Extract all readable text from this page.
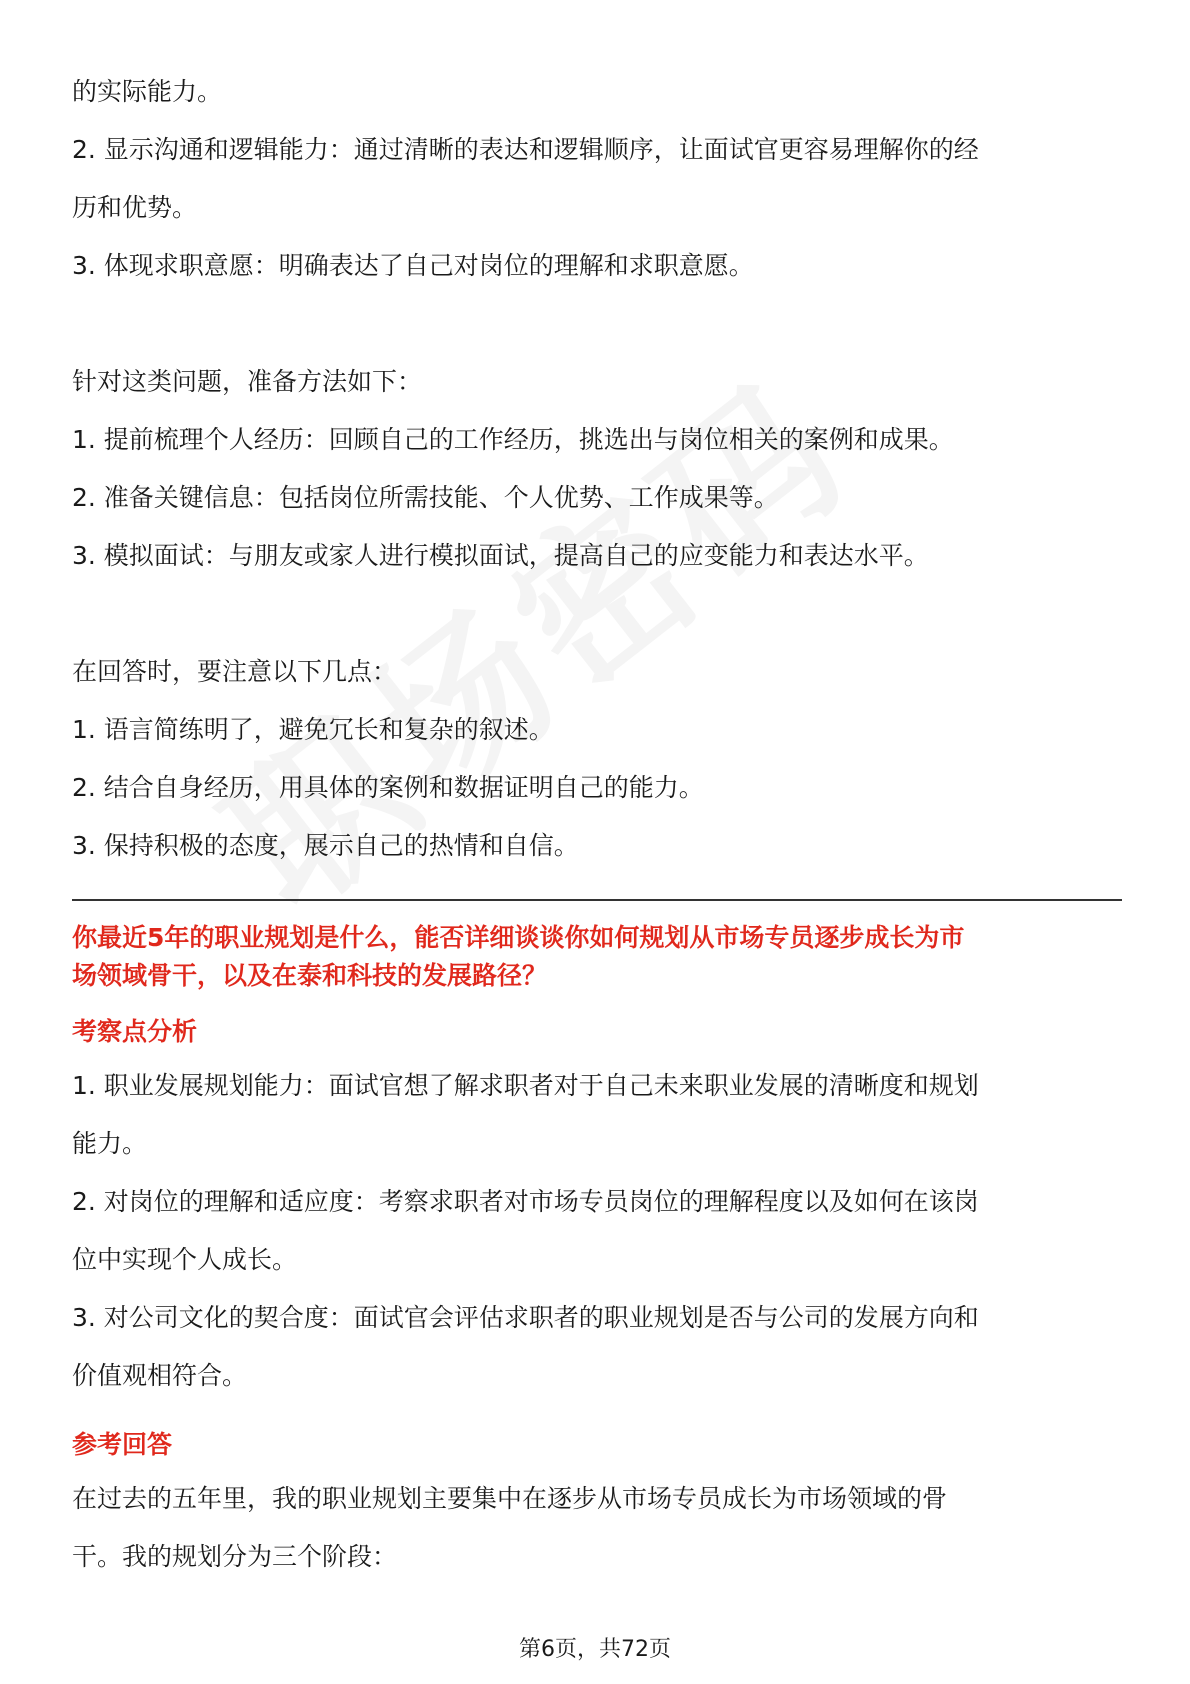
的实际能力。

2. 显示沟通和逻辑能力：通过清晰的表达和逻辑顺序，让面试官更容易理解你的经

历和优势。

3. 体现求职意愿：明确表达了自己对岗位的理解和求职意愿。

针对这类问题，准备方法如下：

1. 提前梳理个人经历：回顾自己的工作经历，挑选出与岗位相关的案例和成果。

2. 准备关键信息：包括岗位所需技能、个人优势、工作成果等。

3. 模拟面试：与朋友或家人进行模拟面试，提高自己的应变能力和表达水平。

在回答时，要注意以下几点：

1. 语言简练明了，避免冗长和复杂的叙述。

2. 结合自身经历，用具体的案例和数据证明自己的能力。

3. 保持积极的态度，展示自己的热情和自信。

你最近5年的职业规划是什么，能否详细谈谈你如何规划从市场专员逐步成长为市

场领域骨干，以及在泰和科技的发展路径？

考察点分析

1. 职业发展规划能力：面试官想了解求职者对于自己未来职业发展的清晰度和规划

能力。

2. 对岗位的理解和适应度：考察求职者对市场专员岗位的理解程度以及如何在该岗

位中实现个人成长。

3. 对公司文化的契合度：面试官会评估求职者的职业规划是否与公司的发展方向和

价值观相符合。

参考回答

在过去的五年里，我的职业规划主要集中在逐步从市场专员成长为市场领域的骨

干。我的规划分为三个阶段：

第6页，共72页
